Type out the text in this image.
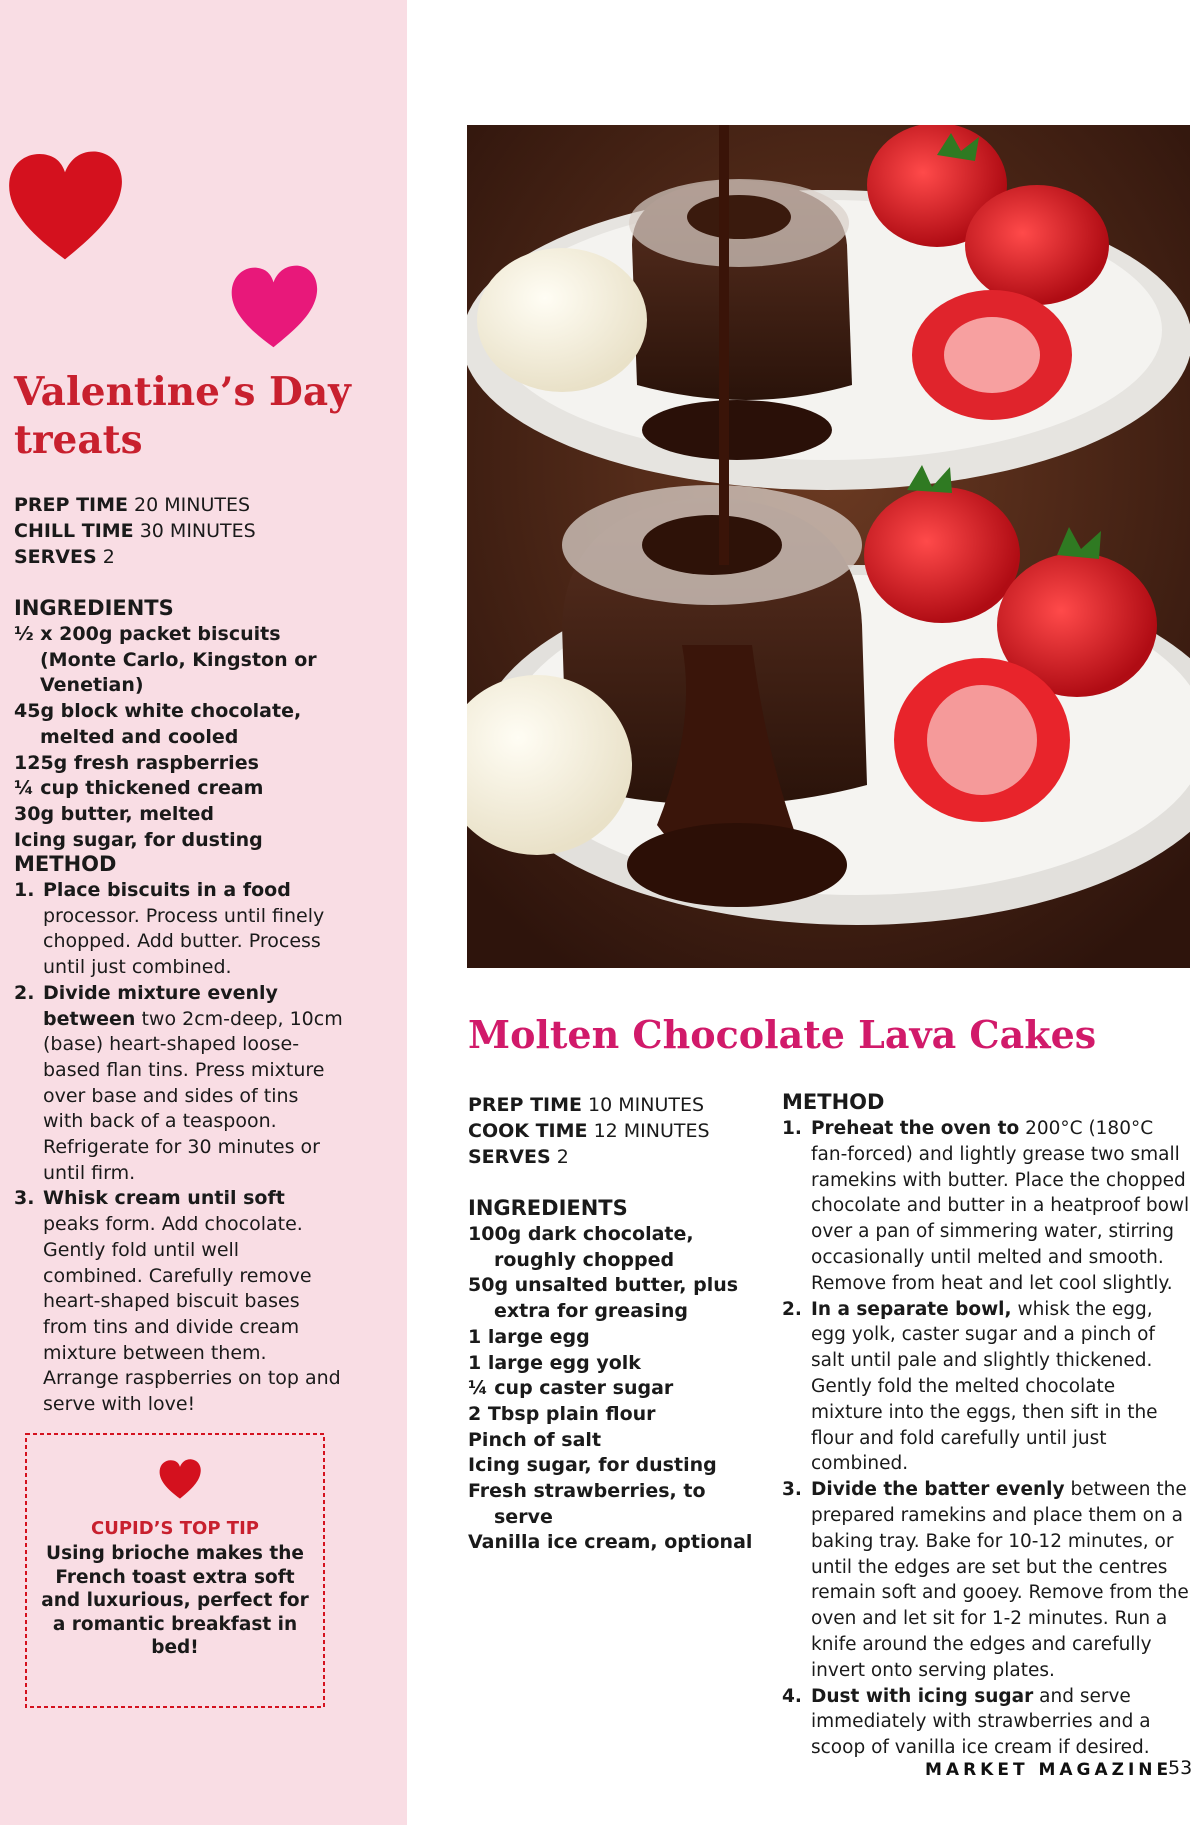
Valentine’s Day treats

PREP TIME 20 MINUTES

CHILL TIME 30 MINUTES

SERVES 2

INGREDIENTS

½ x 200g packet biscuits (Monte Carlo, Kingston or Venetian)
45g block white chocolate, melted and cooled
125g fresh raspberries
¼ cup thickened cream
30g butter, melted
Icing sugar, for dusting

METHOD

1. Place biscuits in a food processor. Process until finely chopped. Add butter. Process until just combined.
2. Divide mixture evenly between two 2cm-deep, 10cm (base) heart-shaped loose-based flan tins. Press mixture over base and sides of tins with back of a teaspoon. Refrigerate for 30 minutes or until firm.
3. Whisk cream until soft peaks form. Add chocolate. Gently fold until well combined. Carefully remove heart-shaped biscuit bases from tins and divide cream mixture between them. Arrange raspberries on top and serve with love!

CUPID’S TOP TIP

Using brioche makes the French toast extra soft and luxurious, perfect for a romantic breakfast in bed!

Molten Chocolate Lava Cakes

PREP TIME 10 MINUTES

COOK TIME 12 MINUTES

SERVES 2

INGREDIENTS

100g dark chocolate, roughly chopped
50g unsalted butter, plus extra for greasing
1 large egg
1 large egg yolk
¼ cup caster sugar
2 Tbsp plain flour
Pinch of salt
Icing sugar, for dusting
Fresh strawberries, to serve
Vanilla ice cream, optional

METHOD

1. Preheat the oven to 200°C (180°C fan-forced) and lightly grease two small ramekins with butter. Place the chopped chocolate and butter in a heatproof bowl over a pan of simmering water, stirring occasionally until melted and smooth. Remove from heat and let cool slightly.
2. In a separate bowl, whisk the egg, egg yolk, caster sugar and a pinch of salt until pale and slightly thickened. Gently fold the melted chocolate mixture into the eggs, then sift in the flour and fold carefully until just combined.
3. Divide the batter evenly between the prepared ramekins and place them on a baking tray. Bake for 10-12 minutes, or until the edges are set but the centres remain soft and gooey. Remove from the oven and let sit for 1-2 minutes. Run a knife around the edges and carefully invert onto serving plates.
4. Dust with icing sugar and serve immediately with strawberries and a scoop of vanilla ice cream if desired.

MARKET MAGAZINE

53
